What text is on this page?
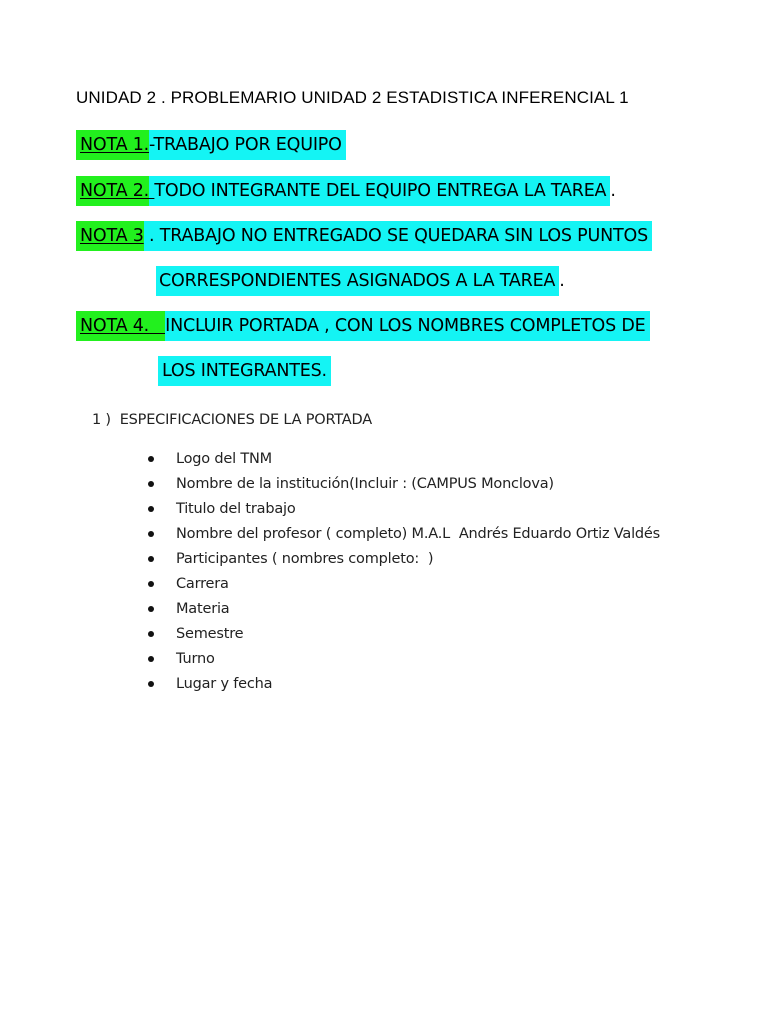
UNIDAD 2 . PROBLEMARIO UNIDAD 2 ESTADISTICA INFERENCIAL 1
NOTA 1.-TRABAJO POR EQUIPO
NOTA 2. TODO INTEGRANTE DEL EQUIPO ENTREGA LA TAREA .
NOTA 3 . TRABAJO NO ENTREGADO SE QUEDARA SIN LOS PUNTOS
CORRESPONDIENTES ASIGNADOS A LA TAREA .
NOTA 4. INCLUIR PORTADA , CON LOS NOMBRES COMPLETOS DE
LOS INTEGRANTES.
1 )  ESPECIFICACIONES DE LA PORTADA
Logo del TNM
Nombre de la institución(Incluir : (CAMPUS Monclova)
Titulo del trabajo
Nombre del profesor ( completo) M.A.L  Andrés Eduardo Ortiz Valdés
Participantes ( nombres completo:  )
Carrera
Materia
Semestre
Turno
Lugar y fecha
